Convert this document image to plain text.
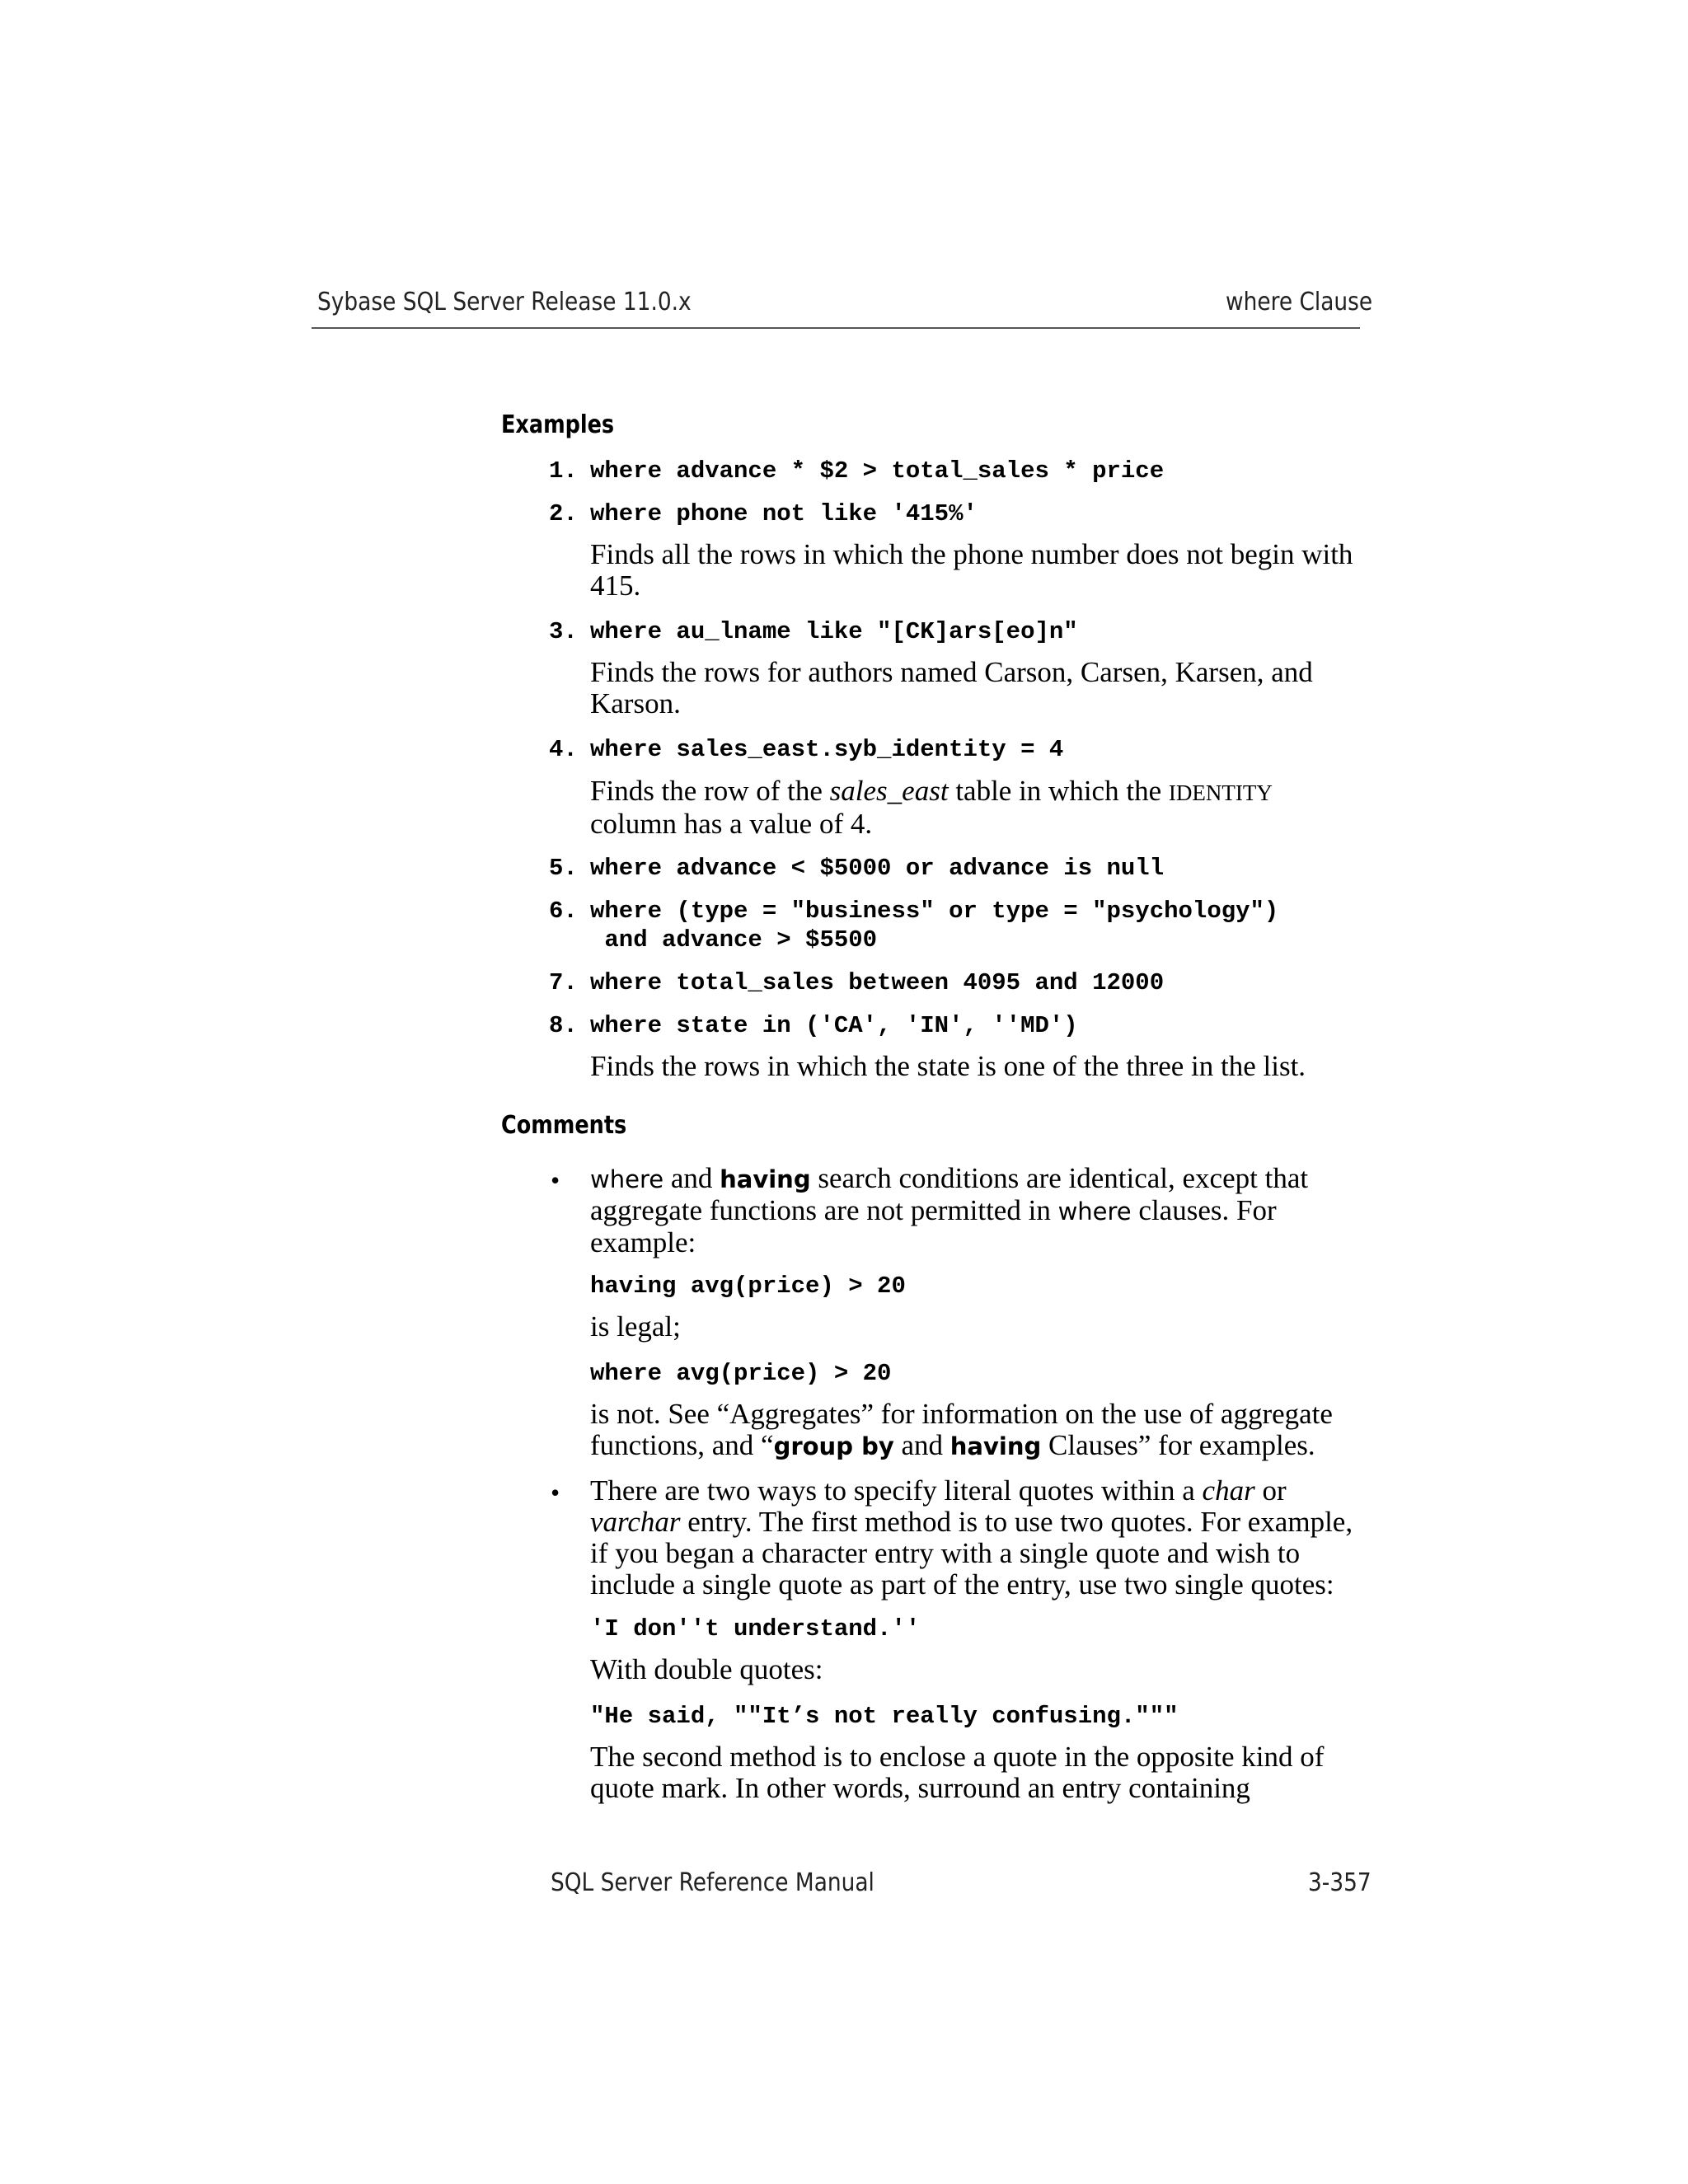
Sybase SQL Server Release 11.0.x	where Clause
Examples
1. where advance * $2 > total_sales * price
2. where phone not like '415%'
Finds all the rows in which the phone number does not begin with 415.
3. where au_lname like "[CK]ars[eo]n"
Finds the rows for authors named Carson, Carsen, Karsen, and Karson.
4. where sales_east.syb_identity = 4
Finds the row of the sales_east table in which the IDENTITY column has a value of 4.
5. where advance < $5000 or advance is null
6. where (type = "business" or type = "psychology")
and advance > $5500
7. where total_sales between 4095 and 12000
8. where state in ('CA', 'IN', ''MD')
Finds the rows in which the state is one of the three in the list.
Comments
• where and having search conditions are identical, except that aggregate functions are not permitted in where clauses. For example:
having avg(price) > 20
is legal;
where avg(price) > 20
is not. See “Aggregates” for information on the use of aggregate functions, and “group by and having Clauses” for examples.
• There are two ways to specify literal quotes within a char or varchar entry. The first method is to use two quotes. For example, if you began a character entry with a single quote and wish to include a single quote as part of the entry, use two single quotes:
'I don''t understand.''
With double quotes:
"He said, ""It’s not really confusing."""
The second method is to enclose a quote in the opposite kind of quote mark. In other words, surround an entry containing
SQL Server Reference Manual	3-357
